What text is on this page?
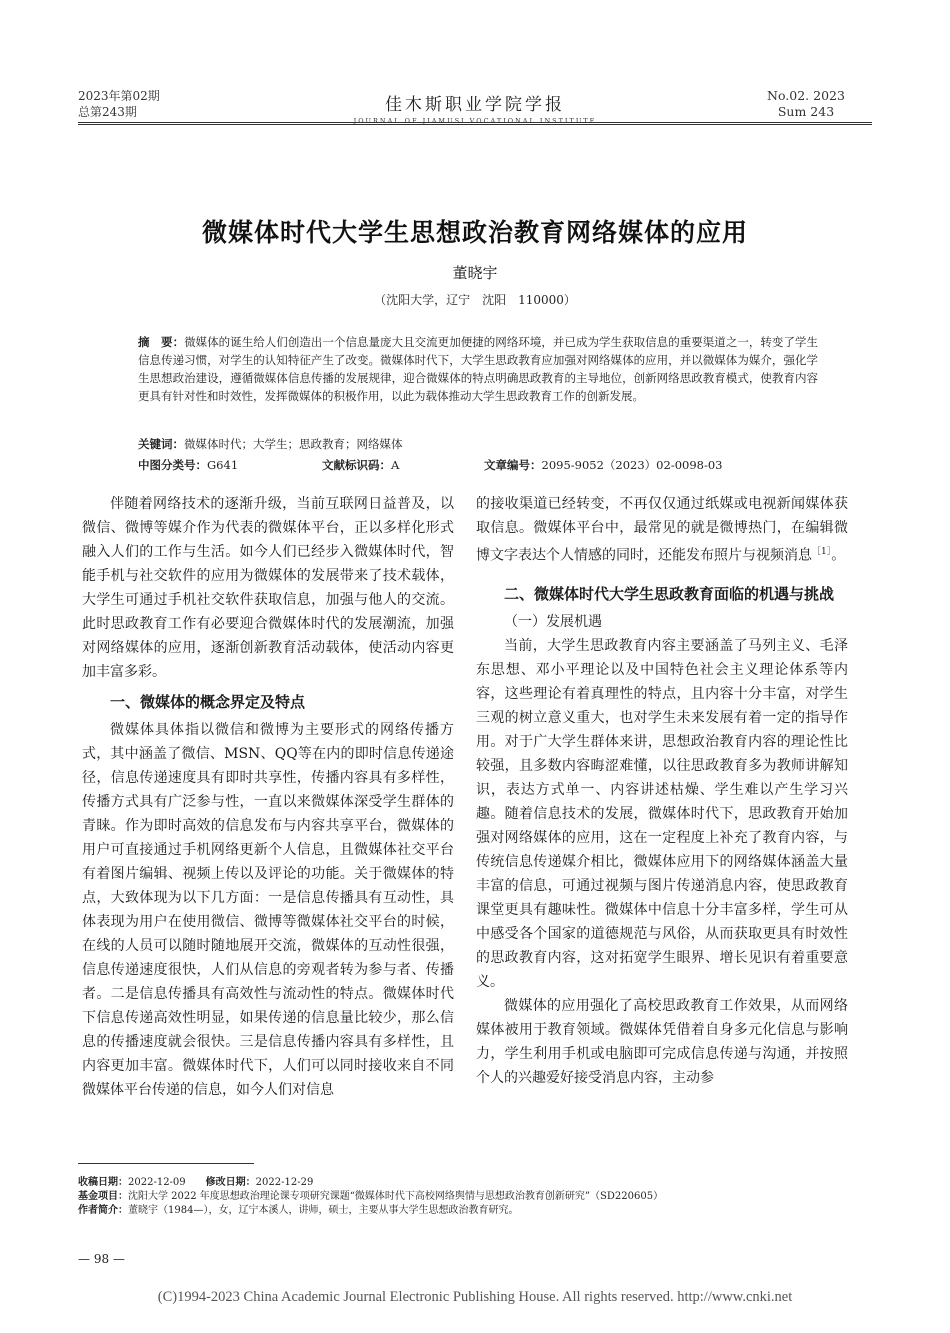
2023年第02期
总第243期	佳木斯职业学院学报
JOURNAL OF JIAMUSI VOCATIONAL INSTITUTE
No.02. 2023
Sum 243
微媒体时代大学生思想政治教育网络媒体的应用
董晓宇
（沈阳大学，辽宁　沈阳　110000）
摘　要：微媒体的诞生给人们创造出一个信息量庞大且交流更加便捷的网络环境，并已成为学生获取信息的重要渠道之一，转变了学生信息传递习惯，对学生的认知特征产生了改变。微媒体时代下，大学生思政教育应加强对网络媒体的应用，并以微媒体为媒介，强化学生思想政治建设，遵循微媒体信息传播的发展规律，迎合微媒体的特点明确思政教育的主导地位，创新网络思政教育模式，使教育内容更具有针对性和时效性，发挥微媒体的积极作用，以此为载体推动大学生思政教育工作的创新发展。
关键词：微媒体时代；大学生；思政教育；网络媒体
中图分类号：G641	文献标识码：A	文章编号：2095-9052（2023）02-0098-03

伴随着网络技术的逐渐升级，当前互联网日益普及，以微信、微博等媒介作为代表的微媒体平台，正以多样化形式融入人们的工作与生活。如今人们已经步入微媒体时代，智能手机与社交软件的应用为微媒体的发展带来了技术载体，大学生可通过手机社交软件获取信息，加强与他人的交流。此时思政教育工作有必要迎合微媒体时代的发展潮流，加强对网络媒体的应用，逐渐创新教育活动载体，使活动内容更加丰富多彩。

一、微媒体的概念界定及特点

微媒体具体指以微信和微博为主要形式的网络传播方式，其中涵盖了微信、MSN、QQ等在内的即时信息传递途径，信息传递速度具有即时共享性，传播内容具有多样性，传播方式具有广泛参与性，一直以来微媒体深受学生群体的青睐。作为即时高效的信息发布与内容共享平台，微媒体的用户可直接通过手机网络更新个人信息，且微媒体社交平台有着图片编辑、视频上传以及评论的功能。关于微媒体的特点，大致体现为以下几方面：一是信息传播具有互动性，具体表现为用户在使用微信、微博等微媒体社交平台的时候，在线的人员可以随时随地展开交流，微媒体的互动性很强，信息传递速度很快，人们从信息的旁观者转为参与者、传播者。二是信息传播具有高效性与流动性的特点。微媒体时代下信息传递高效性明显，如果传递的信息量比较少，那么信息的传播速度就会很快。三是信息传播内容具有多样性，且内容更加丰富。微媒体时代下，人们可以同时接收来自不同微媒体平台传递的信息，如今人们对信息

的接收渠道已经转变，不再仅仅通过纸媒或电视新闻媒体获取信息。微媒体平台中，最常见的就是微博热门，在编辑微博文字表达个人情感的同时，还能发布照片与视频消息$^{[1]}$。

二、微媒体时代大学生思政教育面临的机遇与挑战
（一）发展机遇

当前，大学生思政教育内容主要涵盖了马列主义、毛泽东思想、邓小平理论以及中国特色社会主义理论体系等内容，这些理论有着真理性的特点，且内容十分丰富，对学生三观的树立意义重大，也对学生未来发展有着一定的指导作用。对于广大学生群体来讲，思想政治教育内容的理论性比较强，且多数内容晦涩难懂，以往思政教育多为教师讲解知识，表达方式单一、内容讲述枯燥、学生难以产生学习兴趣。随着信息技术的发展，微媒体时代下，思政教育开始加强对网络媒体的应用，这在一定程度上补充了教育内容，与传统信息传递媒介相比，微媒体应用下的网络媒体涵盖大量丰富的信息，可通过视频与图片传递消息内容，使思政教育课堂更具有趣味性。微媒体中信息十分丰富多样，学生可从中感受各个国家的道德规范与风俗，从而获取更具有时效性的思政教育内容，这对拓宽学生眼界、增长见识有着重要意义。

微媒体的应用强化了高校思政教育工作效果，从而网络媒体被用于教育领域。微媒体凭借着自身多元化信息与影响力，学生利用手机或电脑即可完成信息传递与沟通，并按照个人的兴趣爱好接受消息内容，主动参

收稿日期：2022-12-09　　 修改日期：2022-12-29
基金项目：沈阳大学 2022 年度思想政治理论课专项研究课题“微媒体时代下高校网络舆情与思想政治教育创新研究”（SD220605）
作者简介：董晓宇（1984—），女，辽宁本溪人，讲师，硕士，主要从事大学生思想政治教育研究。
— 98 —
(C)1994-2023 China Academic Journal Electronic Publishing House. All rights reserved. http://www.cnki.net
